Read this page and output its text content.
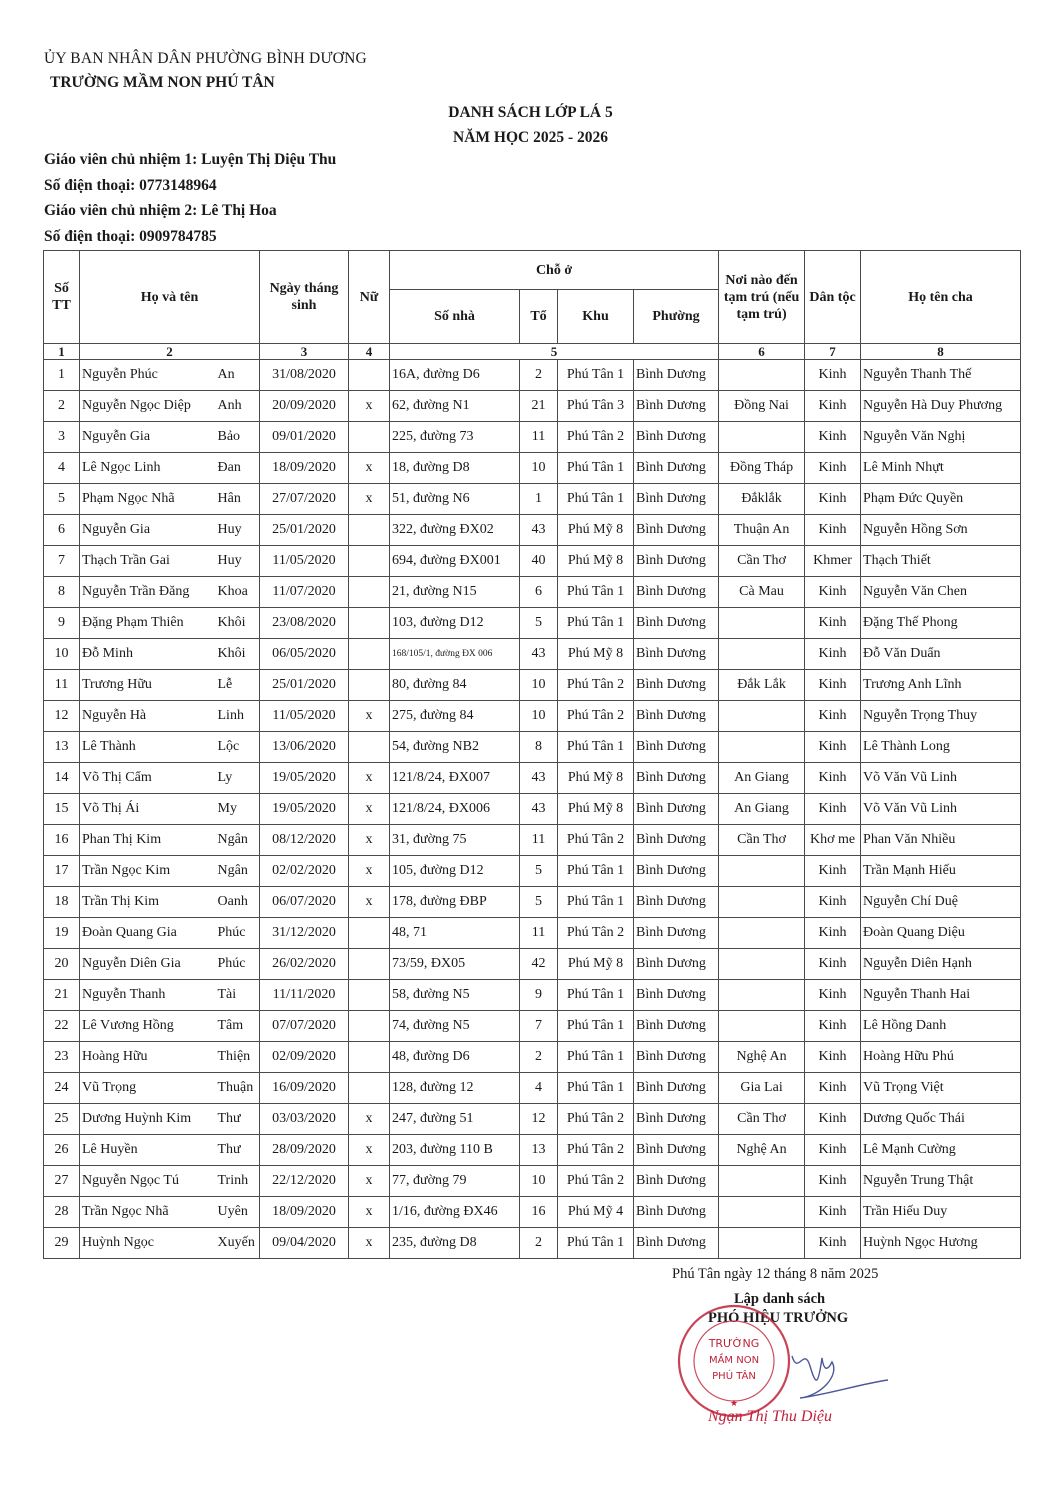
ỦY BAN NHÂN DÂN PHƯỜNG BÌNH DƯƠNG
TRƯỜNG MẦM NON PHÚ TÂN
DANH SÁCH LỚP LÁ 5
NĂM HỌC 2025 - 2026
Giáo viên chủ nhiệm 1: Luyện Thị Diệu Thu
Số điện thoại: 0773148964
Giáo viên chủ nhiệm 2: Lê Thị Hoa
Số điện thoại: 0909784785
Số TT	Họ và tên		Ngày tháng sinh	Nữ	Chỗ ở				Nơi nào đến tạm trú (nếu tạm trú)	Dân tộc	Họ tên cha
					Số nhà	Tổ	Khu	Phường			
1	2		3	4	5				6	7	8
1	Nguyễn Phúc	An	31/08/2020		16A, đường D6	2	Phú Tân 1	Bình Dương		Kinh	Nguyễn Thanh Thế
2	Nguyễn Ngọc Diệp	Anh	20/09/2020	x	62, đường N1	21	Phú Tân 3	Bình Dương	Đồng Nai	Kinh	Nguyễn Hà Duy Phương
3	Nguyễn Gia	Bảo	09/01/2020		225, đường 73	11	Phú Tân 2	Bình Dương		Kinh	Nguyễn Văn Nghị
4	Lê Ngọc Linh	Đan	18/09/2020	x	18, đường D8	10	Phú Tân 1	Bình Dương	Đồng Tháp	Kinh	Lê Minh Nhựt
5	Phạm Ngọc Nhã	Hân	27/07/2020	x	51, đường N6	1	Phú Tân 1	Bình Dương	Đắklắk	Kinh	Phạm Đức Quyền
6	Nguyễn Gia	Huy	25/01/2020		322, đường ĐX02	43	Phú Mỹ 8	Bình Dương	Thuận An	Kinh	Nguyễn Hồng Sơn
7	Thạch Trần Gai	Huy	11/05/2020		694, đường ĐX001	40	Phú Mỹ 8	Bình Dương	Cần Thơ	Khmer	Thạch Thiết
8	Nguyễn Trần Đăng	Khoa	11/07/2020		21, đường N15	6	Phú Tân 1	Bình Dương	Cà Mau	Kinh	Nguyễn Văn Chen
9	Đặng Phạm Thiên	Khôi	23/08/2020		103, đường D12	5	Phú Tân 1	Bình Dương		Kinh	Đặng Thế Phong
10	Đỗ Minh	Khôi	06/05/2020		168/105/1, đường ĐX 006	43	Phú Mỹ 8	Bình Dương		Kinh	Đỗ Văn Duẩn
11	Trương Hữu	Lễ	25/01/2020		80, đường 84	10	Phú Tân 2	Bình Dương	Đắk Lắk	Kinh	Trương Anh Lĩnh
12	Nguyễn Hà	Linh	11/05/2020	x	275, đường 84	10	Phú Tân 2	Bình Dương		Kinh	Nguyễn Trọng Thuy
13	Lê Thành	Lộc	13/06/2020		54, đường NB2	8	Phú Tân 1	Bình Dương		Kinh	Lê Thành Long
14	Võ Thị Cẩm	Ly	19/05/2020	x	121/8/24, ĐX007	43	Phú Mỹ 8	Bình Dương	An Giang	Kinh	Võ Văn Vũ Linh
15	Võ Thị Ái	My	19/05/2020	x	121/8/24, ĐX006	43	Phú Mỹ 8	Bình Dương	An Giang	Kinh	Võ Văn Vũ Linh
16	Phan Thị Kim	Ngân	08/12/2020	x	31, đường 75	11	Phú Tân 2	Bình Dương	Cần Thơ	Khơ me	Phan Văn Nhiều
17	Trần Ngọc Kim	Ngân	02/02/2020	x	105, đường D12	5	Phú Tân 1	Bình Dương		Kinh	Trần Mạnh Hiếu
18	Trần Thị Kim	Oanh	06/07/2020	x	178, đường ĐBP	5	Phú Tân 1	Bình Dương		Kinh	Nguyễn Chí Duệ
19	Đoàn Quang Gia	Phúc	31/12/2020		48, 71	11	Phú Tân 2	Bình Dương		Kinh	Đoàn Quang Diệu
20	Nguyễn Diên Gia	Phúc	26/02/2020		73/59, ĐX05	42	Phú Mỹ 8	Bình Dương		Kinh	Nguyễn Diên Hạnh
21	Nguyễn Thanh	Tài	11/11/2020		58, đường N5	9	Phú Tân 1	Bình Dương		Kinh	Nguyễn Thanh Hai
22	Lê Vương Hồng	Tâm	07/07/2020		74, đường N5	7	Phú Tân 1	Bình Dương		Kinh	Lê Hồng Danh
23	Hoàng Hữu	Thiện	02/09/2020		48, đường D6	2	Phú Tân 1	Bình Dương	Nghệ An	Kinh	Hoàng Hữu Phú
24	Vũ Trọng	Thuận	16/09/2020		128, đường 12	4	Phú Tân 1	Bình Dương	Gia Lai	Kinh	Vũ Trọng Việt
25	Dương Huỳnh Kim	Thư	03/03/2020	x	247, đường 51	12	Phú Tân 2	Bình Dương	Cần Thơ	Kinh	Dương Quốc Thái
26	Lê Huyền	Thư	28/09/2020	x	203, đường 110 B	13	Phú Tân 2	Bình Dương	Nghệ An	Kinh	Lê Mạnh Cường
27	Nguyễn Ngọc Tú	Trinh	22/12/2020	x	77, đường 79	10	Phú Tân 2	Bình Dương		Kinh	Nguyễn Trung Thật
28	Trần Ngọc Nhã	Uyên	18/09/2020	x	1/16, đường ĐX46	16	Phú Mỹ 4	Bình Dương		Kinh	Trần Hiếu Duy
29	Huỳnh Ngọc	Xuyến	09/04/2020	x	235, đường D8	2	Phú Tân 1	Bình Dương		Kinh	Huỳnh Ngọc Hương
Phú Tân ngày 12 tháng 8 năm 2025
Lập danh sách
PHÓ HIỆU TRƯỞNG
TRƯỜNG
MẦM NON
PHÚ TÂN
★
Ngạn Thị Thu Diệu
